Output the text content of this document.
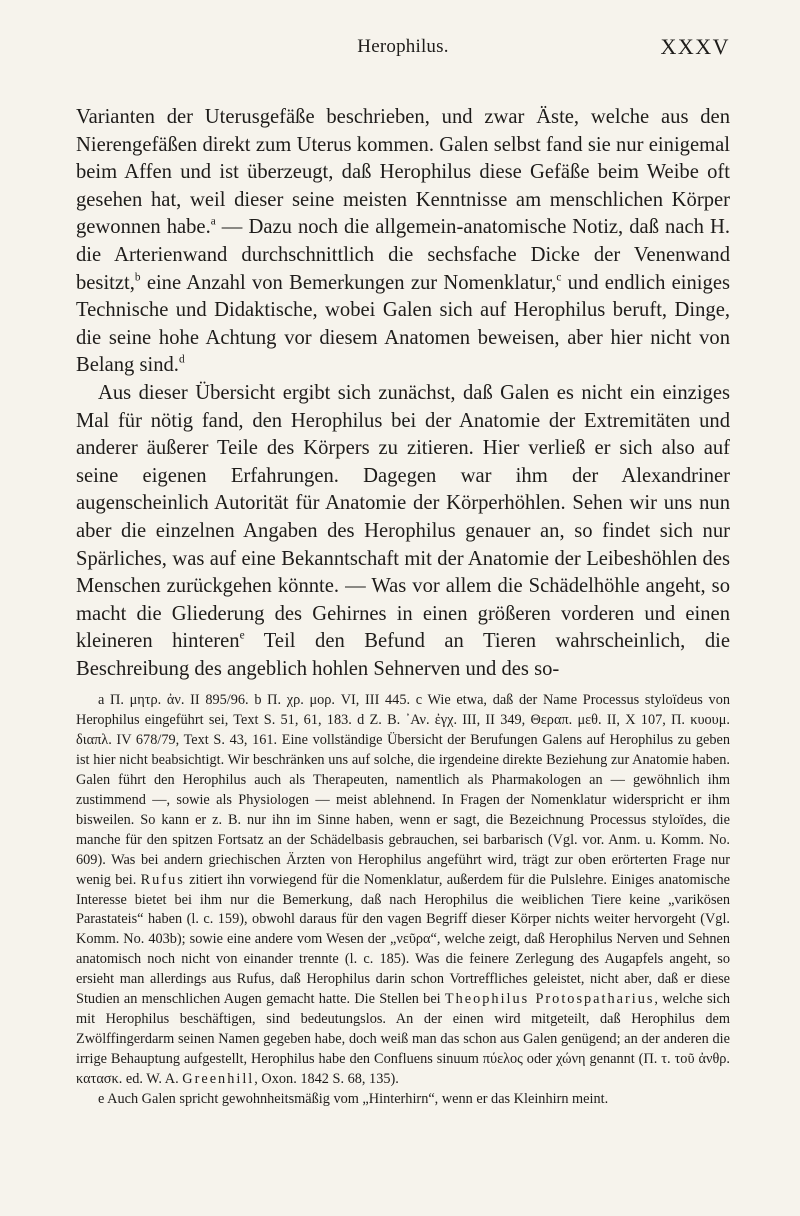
Herophilus.	XXXV

Varianten der Uterusgefäße beschrieben, und zwar Äste, welche aus den Nierengefäßen direkt zum Uterus kommen. Galen selbst fand sie nur einigemal beim Affen und ist überzeugt, daß Herophilus diese Gefäße beim Weibe oft gesehen hat, weil dieser seine meisten Kenntnisse am menschlichen Körper gewonnen habe.$^a$ — Dazu noch die allgemein-anatomische Notiz, daß nach H. die Arterienwand durchschnittlich die sechsfache Dicke der Venenwand besitzt,$^b$ eine Anzahl von Bemerkungen zur Nomenklatur,$^c$ und endlich einiges Technische und Didaktische, wobei Galen sich auf Herophilus beruft, Dinge, die seine hohe Achtung vor diesem Anatomen beweisen, aber hier nicht von Belang sind.$^d$

Aus dieser Übersicht ergibt sich zunächst, daß Galen es nicht ein einziges Mal für nötig fand, den Herophilus bei der Anatomie der Extremitäten und anderer äußerer Teile des Körpers zu zitieren. Hier verließ er sich also auf seine eigenen Erfahrungen. Dagegen war ihm der Alexandriner augenscheinlich Autorität für Anatomie der Körperhöhlen. Sehen wir uns nun aber die einzelnen Angaben des Herophilus genauer an, so findet sich nur Spärliches, was auf eine Bekanntschaft mit der Anatomie der Leibeshöhlen des Menschen zurückgehen könnte. — Was vor allem die Schädelhöhle angeht, so macht die Gliederung des Gehirnes in einen größeren vorderen und einen kleineren hinteren$^e$ Teil den Befund an Tieren wahrscheinlich, die Beschreibung des angeblich hohlen Sehnerven und des so-

a Π. μητρ. ἀν. II 895/96. b Π. χρ. μορ. VI, III 445. c Wie etwa, daß der Name Processus styloïdeus von Herophilus eingeführt sei, Text S. 51, 61, 183. d Z. B. ᾿Αν. ἐγχ. III, II 349, Θεραπ. μεθ. II, X 107, Π. κυουμ. διαπλ. IV 678/79, Text S. 43, 161. Eine vollständige Übersicht der Berufungen Galens auf Herophilus zu geben ist hier nicht beabsichtigt. Wir beschränken uns auf solche, die irgendeine direkte Beziehung zur Anatomie haben. Galen führt den Herophilus auch als Therapeuten, namentlich als Pharmakologen an — gewöhnlich ihm zustimmend —, sowie als Physiologen — meist ablehnend. In Fragen der Nomenklatur widerspricht er ihm bisweilen. So kann er z. B. nur ihn im Sinne haben, wenn er sagt, die Bezeichnung Processus styloïdes, die manche für den spitzen Fortsatz an der Schädelbasis gebrauchen, sei barbarisch (Vgl. vor. Anm. u. Komm. No. 609). Was bei andern griechischen Ärzten von Herophilus angeführt wird, trägt zur oben erörterten Frage nur wenig bei. Rufus zitiert ihn vorwiegend für die Nomenklatur, außerdem für die Pulslehre. Einiges anatomische Interesse bietet bei ihm nur die Bemerkung, daß nach Herophilus die weiblichen Tiere keine „varikösen Parastateis“ haben (l. c. 159), obwohl daraus für den vagen Begriff dieser Körper nichts weiter hervorgeht (Vgl. Komm. No. 403b); sowie eine andere vom Wesen der „νεῦρα“, welche zeigt, daß Herophilus Nerven und Sehnen anatomisch noch nicht von einander trennte (l. c. 185). Was die feinere Zerlegung des Augapfels angeht, so ersieht man allerdings aus Rufus, daß Herophilus darin schon Vortreffliches geleistet, nicht aber, daß er diese Studien an menschlichen Augen gemacht hatte. Die Stellen bei Theophilus Protospatharius, welche sich mit Herophilus beschäftigen, sind bedeutungslos. An der einen wird mitgeteilt, daß Herophilus dem Zwölffingerdarm seinen Namen gegeben habe, doch weiß man das schon aus Galen genügend; an der anderen die irrige Behauptung aufgestellt, Herophilus habe den Confluens sinuum πύελος oder χώνη genannt (Π. τ. τοῦ ἀνθρ. κατασκ. ed. W. A. Greenhill, Oxon. 1842 S. 68, 135).

e Auch Galen spricht gewohnheitsmäßig vom „Hinterhirn“, wenn er das Kleinhirn meint.
